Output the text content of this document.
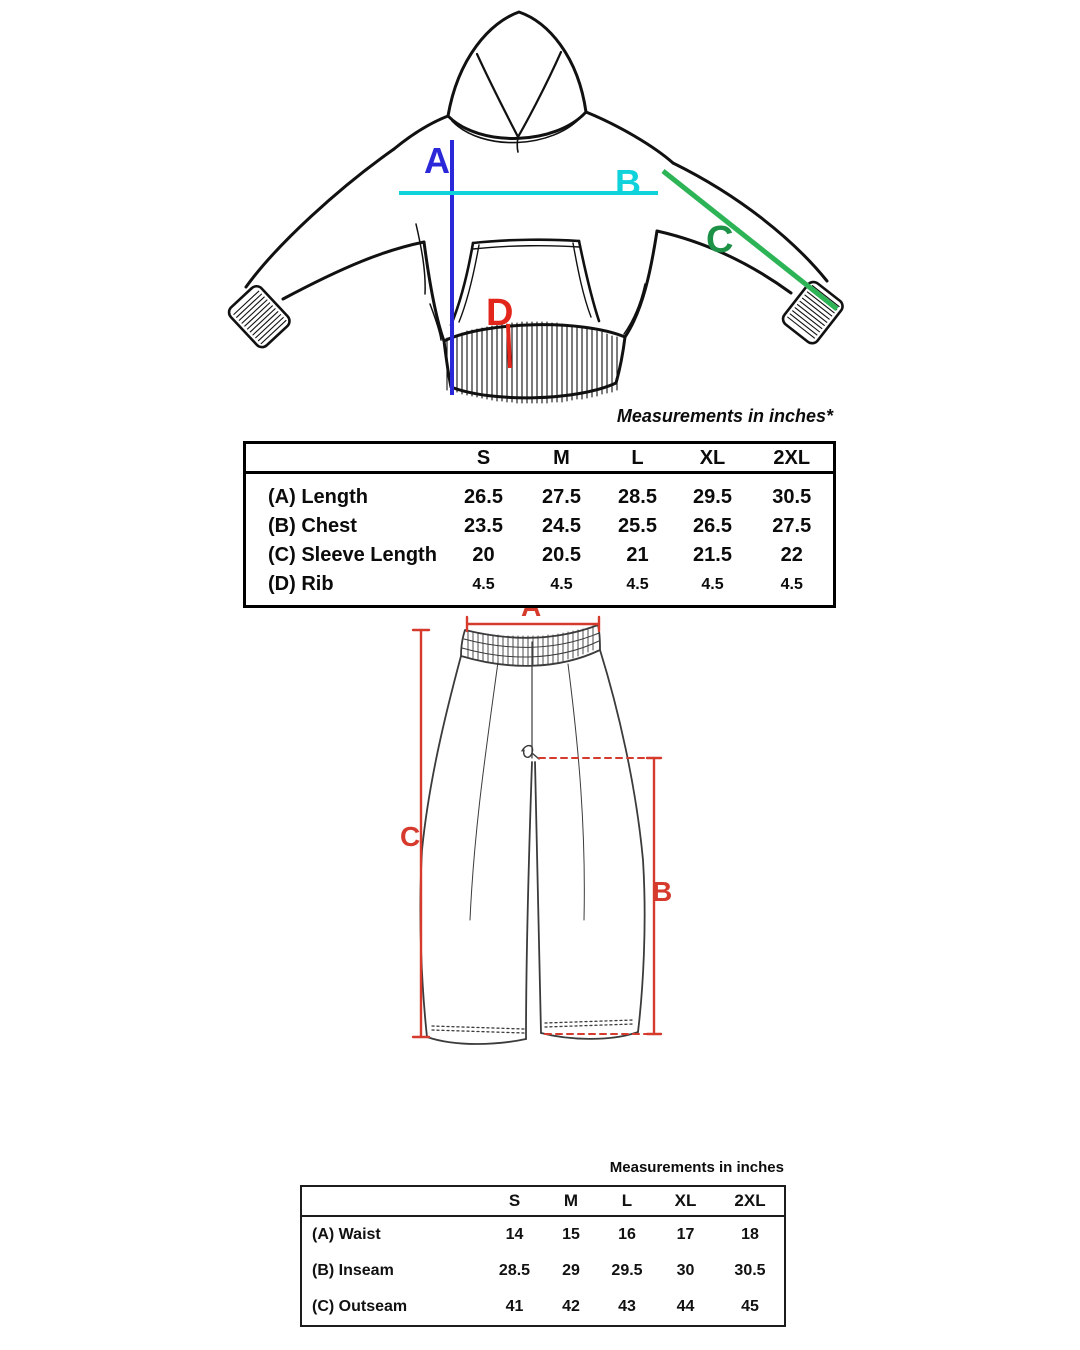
A
B
C
D
Measurements in inches*
	S	M	L	XL	2XL
(A) Length	26.5	27.5	28.5	29.5	30.5
(B) Chest	23.5	24.5	25.5	26.5	27.5
(C) Sleeve Length	20	20.5	21	21.5	22
(D) Rib	4.5	4.5	4.5	4.5	4.5
C
B
Measurements in inches
	S	M	L	XL	2XL
(A) Waist	14	15	16	17	18
(B) Inseam	28.5	29	29.5	30	30.5
(C) Outseam	41	42	43	44	45
